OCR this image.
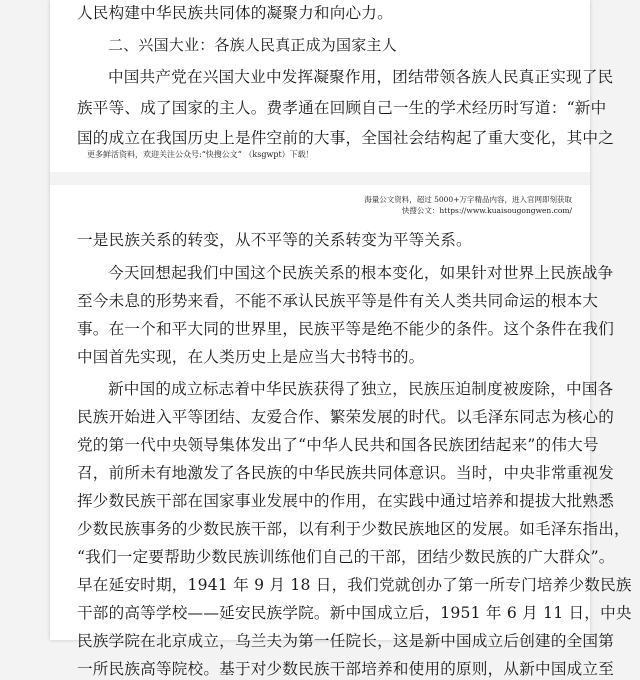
人民构建中华民族共同体的凝聚力和向心力。
二、兴国大业：各族人民真正成为国家主人
中国共产党在兴国大业中发挥凝聚作用，团结带领各族人民真正实现了民
族平等、成了国家的主人。费孝通在回顾自己一生的学术经历时写道：“新中
国的成立在我国历史上是件空前的大事，全国社会结构起了重大变化，其中之
更多鲜活资料，欢迎关注公众号:“快搜公文” （ksgwpt）下载！
海量公文资料，超过 5000+万字精品内容，进入官网即刻获取
快搜公文：https://www.kuaisougongwen.com/
一是民族关系的转变，从不平等的关系转变为平等关系。
今天回想起我们中国这个民族关系的根本变化，如果针对世界上民族战争
至今未息的形势来看，不能不承认民族平等是件有关人类共同命运的根本大
事。在一个和平大同的世界里，民族平等是绝不能少的条件。这个条件在我们
中国首先实现，在人类历史上是应当大书特书的。
新中国的成立标志着中华民族获得了独立，民族压迫制度被废除，中国各
民族开始进入平等团结、友爱合作、繁荣发展的时代。以毛泽东同志为核心的
党的第一代中央领导集体发出了“中华人民共和国各民族团结起来”的伟大号
召，前所未有地激发了各民族的中华民族共同体意识。当时，中央非常重视发
挥少数民族干部在国家事业发展中的作用，在实践中通过培养和提拔大批熟悉
少数民族事务的少数民族干部，以有利于少数民族地区的发展。如毛泽东指出，
“我们一定要帮助少数民族训练他们自己的干部，团结少数民族的广大群众”。
早在延安时期，1941 年 9 月 18 日，我们党就创办了第一所专门培养少数民族
干部的高等学校——延安民族学院。新中国成立后，1951 年 6 月 11 日，中央
民族学院在北京成立，乌兰夫为第一任院长，这是新中国成立后创建的全国第
一所民族高等院校。基于对少数民族干部培养和使用的原则，从新中国成立至
